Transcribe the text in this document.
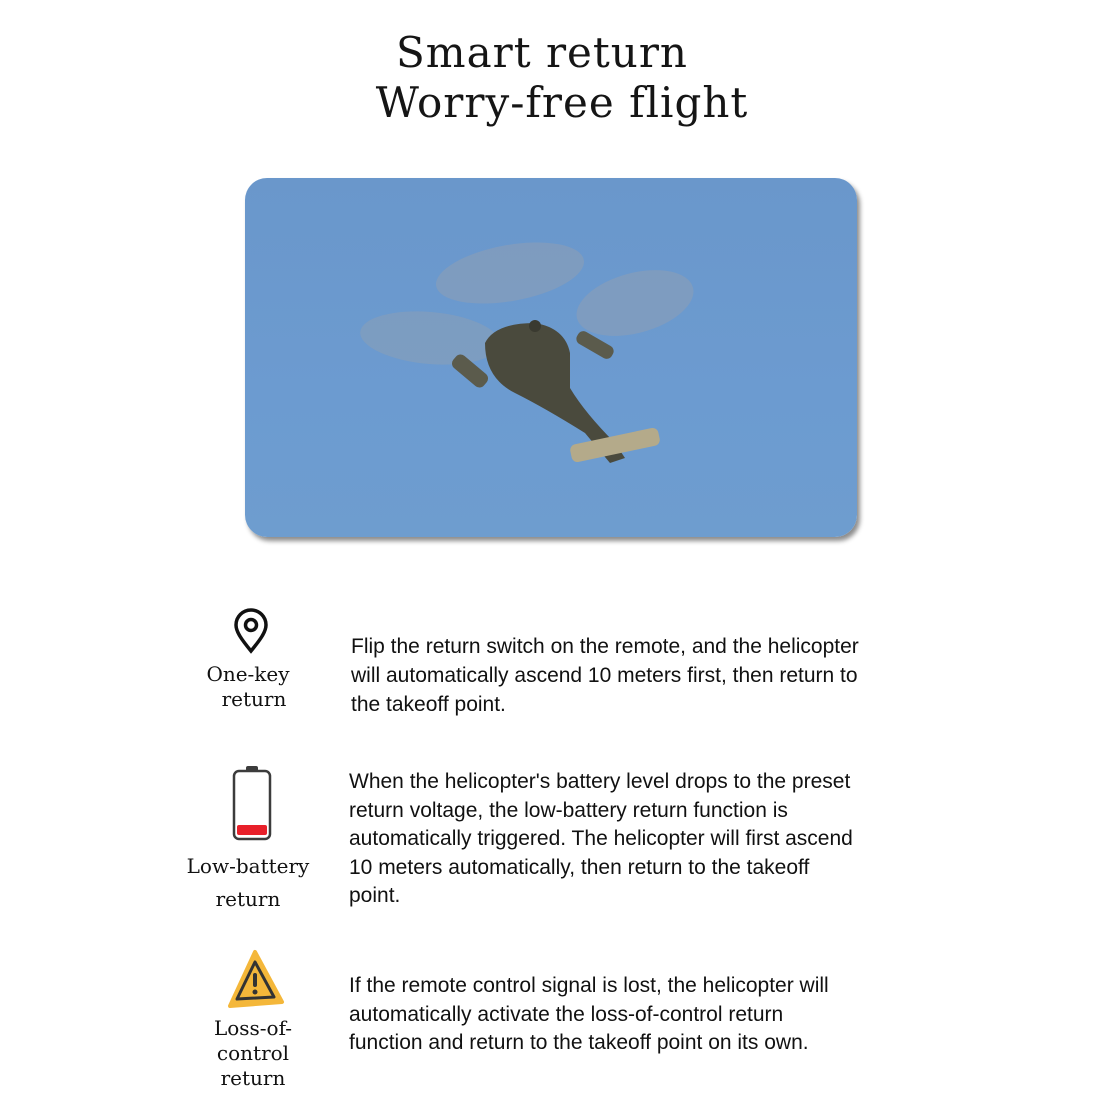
Smart return
Worry-free flight
One-key
return
Flip the return switch on the remote, and the helicopter
will automatically ascend 10 meters first, then return to
the takeoff point.
Low-battery
return
When the helicopter's battery level drops to the preset
return voltage, the low-battery return function is
automatically triggered. The helicopter will first ascend
10 meters automatically, then return to the takeoff
point.
Loss-of-control
return
If the remote control signal is lost, the helicopter will
automatically activate the loss-of-control return
function and return to the takeoff point on its own.
